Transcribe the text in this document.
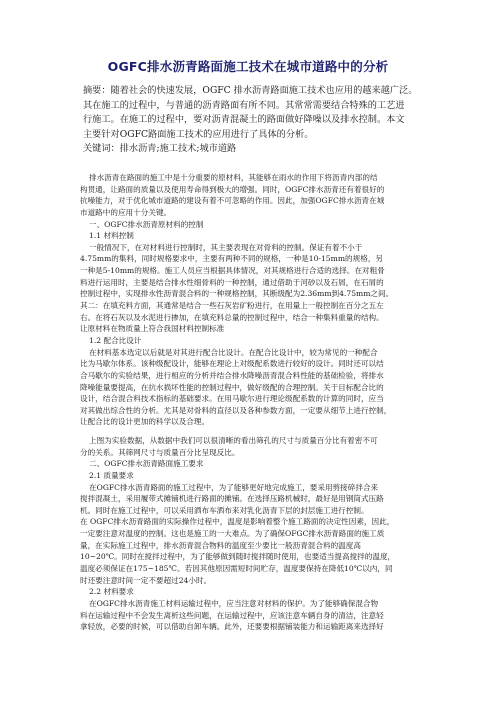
OGFC排水沥青路面施工技术在城市道路中的分析
摘要：随着社会的快速发展，OGFC 排水沥青路面施工技术也应用的越来越广泛。
其在施工的过程中，与普通的沥青路面有所不同。其常常需要结合特殊的工艺进
行施工。在施工的过程中，要对沥青混凝土的路面做好降噪以及排水控制。本文
主要针对OGFC路面施工技术的应用进行了具体的分析。
关键词：排水沥青;施工技术;城市道路
排水沥青在路面的施工中是十分重要的原材料，其能够在雨水的作用下将沥青内部的结
构贯通，让路面的质量以及使用寿命得到极大的增强。同时，OGFC排水沥青还有着很好的
抗噪能力，对于优化城市道路的建设有着不可忽略的作用。因此，加强OGFC排水沥青在城
市道路中的应用十分关键。
一、OGFC排水沥青原材料的控制
1.1 材料控制
一般情况下，在对材料进行控制时，其主要表现在对骨料的控制。保证有着不小于
4.75mm的集料，同时规格要求中，主要有两种不同的规格，一种是10-15mm的规格，另
一种是5-10mm的规格。施工人员应当根据具体情况，对其规格进行合适的选择。在对粗骨
料进行运用时，主要是结合排水性细骨料的一种控制，通过借助于河砂以及石屑，在石屑的
控制过程中，实现排水性沥青混合料的一种规格控制，其断级配为2.36mm到4.75mm之间。
其二：在填充料方面，其通常是结合一些石灰岩矿粉进行，在用量上一般控制在百分之五左
右。在将石灰以及水泥进行掺加，在填充料总量的控制过程中，结合一种集料重量的结构。
让原材料在物质量上符合我国材料控制标准
1.2 配合比设计
在材料基本选定以后就是对其进行配合比设计。在配合比设计中，较为常见的一种配合
比为马歇尔体系。该种级配设计，能够在理论上对级配系数进行较好的设计。同时还可以结
合马歇尔的实验结果，进行相应的分析并结合排水降噪沥青混合料性能的基础检验，将排水
降噪能量要提高，在抗水损坏性能的控制过程中，做好级配的合理控制。关于目标配合比的
设计，结合混合料技术指标的基础要求。在用马歇尔进行理论级配系数的计算的同时，应当
对其做出综合性的分析。尤其是对骨料的直径以及各种参数方面，一定要从细节上进行控制，
让配合比的设计更加的科学以及合理。
上图为实验数据，从数据中我们可以很清晰的看出筛孔的尺寸与质量百分比有着密不可
分的关系。其筛网尺寸与质量百分比呈现反比。
二、OGFC排水沥青路面施工要求
2.1 质量要求
在OGFC排水沥青路面的施工过程中，为了能够更好地完成施工，要采用剪接碎拌合来
搅拌混凝土，采用履带式摊铺机进行路面的摊铺。在选择压路机械时，最好是用钢筒式压路
机。同时在施工过程中，可以采用洒布车洒布来对乳化沥青下层的封层施工进行控制。
在 OGFC排水沥青路面的实际操作过程中，温度是影响着整个施工路面的决定性因素，因此，
一定要注意对温度的控制。这也是施工的一大难点。为了确保OFGC排水沥青路面的施工质
量，在实际施工过程中，排水沥青混合物料的温度至少要比一般沥青混合料的温度高
10~20℃。同时在搅拌过程中，为了能够做到随时搅拌随时使用，也要适当提高搅拌的温度，
温度必须保证在175~185℃。若因其他原因需短时间贮存，温度要保持在降低10℃以内，同
时还要注意时间一定不要超过24小时。
2.2 材料要求
在OGFC排水沥青施工材料运输过程中，应当注意对材料的保护。为了能够确保混合物
料在运输过程中不会发生离析这些问题，在运输过程中，应该注意车辆自身的清洁，注意轻
拿轻放，必要的时候，可以借助自卸车辆。此外，还要要根据铺装能力和运输距离来选择好
